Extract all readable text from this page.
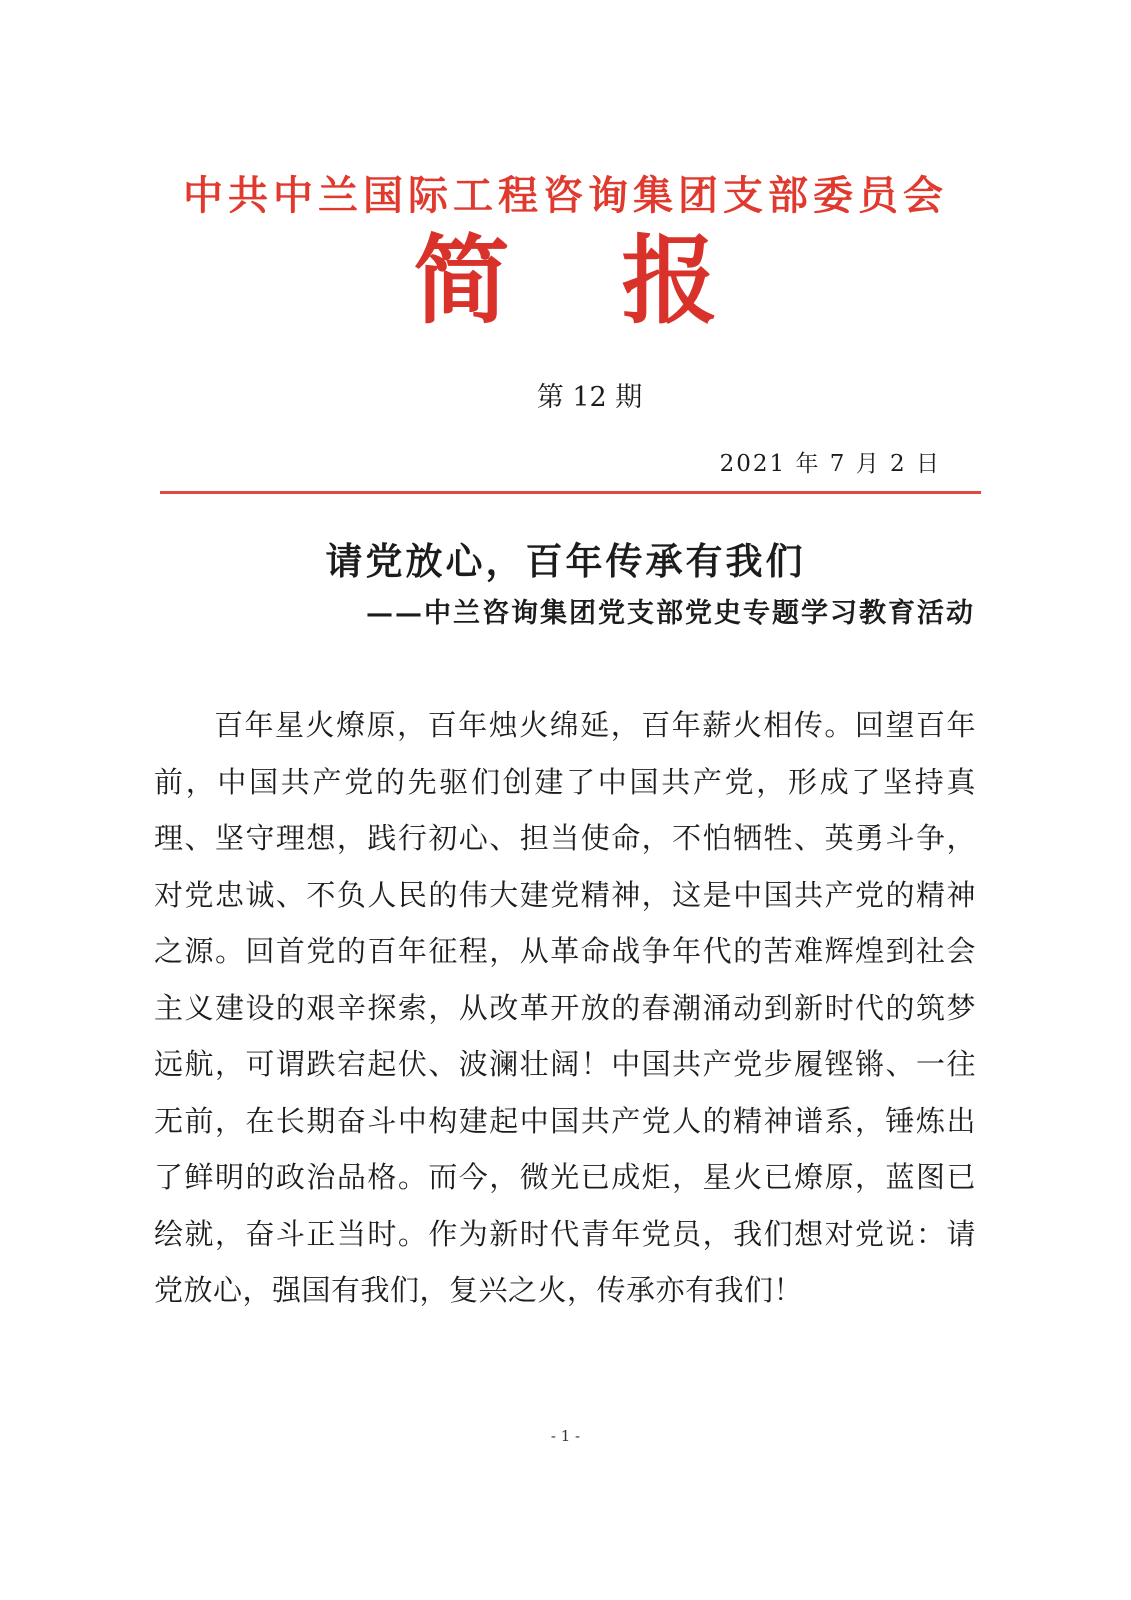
中共中兰国际工程咨询集团支部委员会
简报
第 12 期
2021 年 7 月 2 日
请党放心，百年传承有我们
——中兰咨询集团党支部党史专题学习教育活动

百年星火燎原，百年烛火绵延，百年薪火相传。回望百年前，中国共产党的先驱们创建了中国共产党，形成了坚持真理、坚守理想，践行初心、担当使命，不怕牺牲、英勇斗争，对党忠诚、不负人民的伟大建党精神，这是中国共产党的精神之源。回首党的百年征程，从革命战争年代的苦难辉煌到社会主义建设的艰辛探索，从改革开放的春潮涌动到新时代的筑梦远航，可谓跌宕起伏、波澜壮阔！中国共产党步履铿锵、一往无前，在长期奋斗中构建起中国共产党人的精神谱系，锤炼出了鲜明的政治品格。而今，微光已成炬，星火已燎原，蓝图已绘就，奋斗正当时。作为新时代青年党员，我们想对党说：请党放心，强国有我们，复兴之火，传承亦有我们！

- 1 -
